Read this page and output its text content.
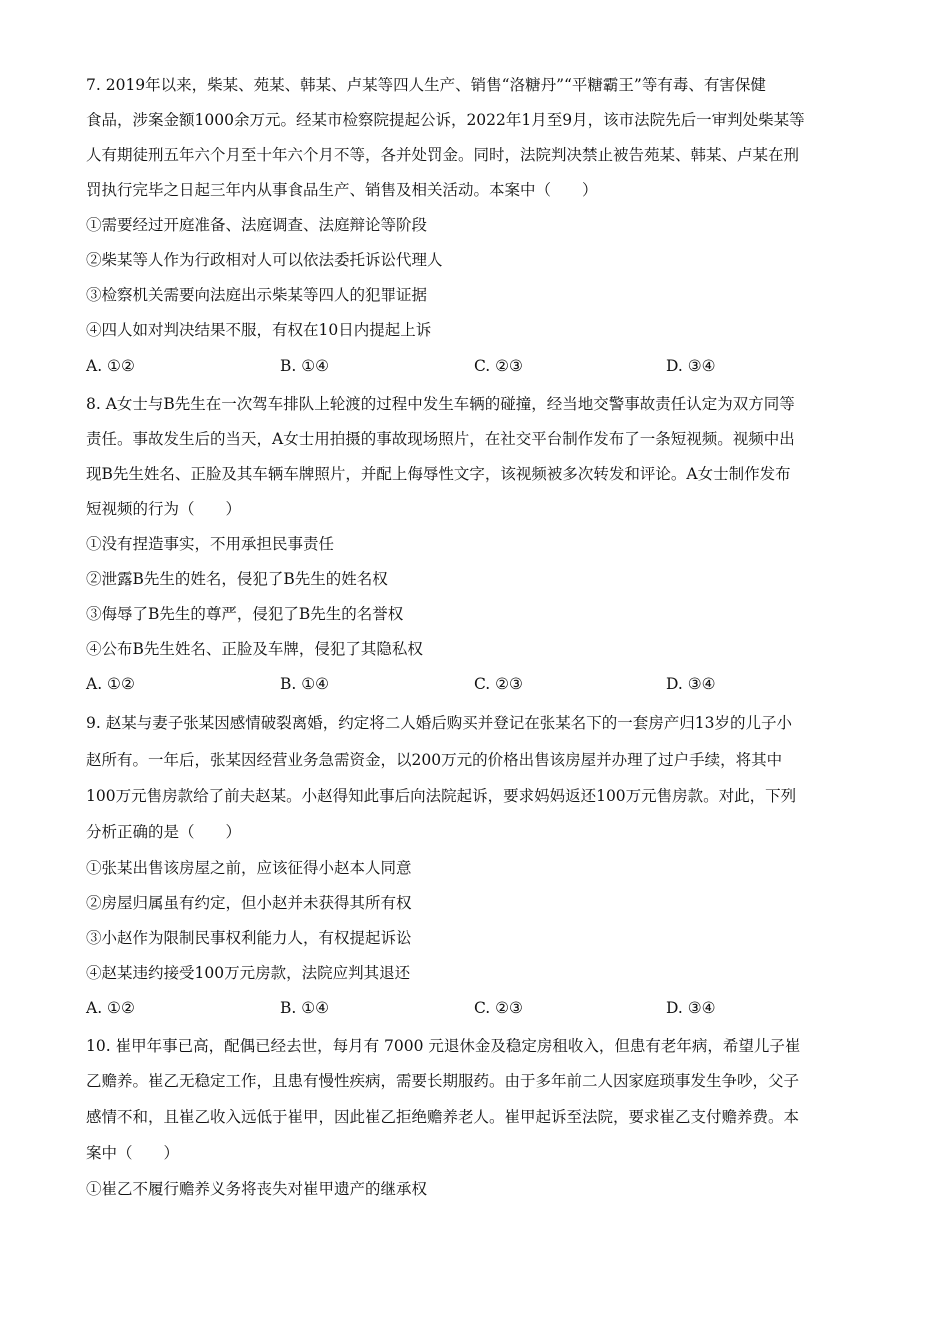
7. 2019年以来，柴某、苑某、韩某、卢某等四人生产、销售“洛糖丹”“平糖霸王”等有毒、有害保健
食品，涉案金额1000余万元。经某市检察院提起公诉，2022年1月至9月，该市法院先后一审判处柴某等
人有期徒刑五年六个月至十年六个月不等，各并处罚金。同时，法院判决禁止被告苑某、韩某、卢某在刑
罚执行完毕之日起三年内从事食品生产、销售及相关活动。本案中（　　）
①需要经过开庭准备、法庭调查、法庭辩论等阶段
②柴某等人作为行政相对人可以依法委托诉讼代理人
③检察机关需要向法庭出示柴某等四人的犯罪证据
④四人如对判决结果不服，有权在10日内提起上诉
A. ①②	B. ①④	C. ②③	D. ③④
8. A女士与B先生在一次驾车排队上轮渡的过程中发生车辆的碰撞，经当地交警事故责任认定为双方同等
责任。事故发生后的当天，A女士用拍摄的事故现场照片，在社交平台制作发布了一条短视频。视频中出
现B先生姓名、正脸及其车辆车牌照片，并配上侮辱性文字，该视频被多次转发和评论。A女士制作发布
短视频的行为（　　）
①没有捏造事实，不用承担民事责任
②泄露B先生的姓名，侵犯了B先生的姓名权
③侮辱了B先生的尊严，侵犯了B先生的名誉权
④公布B先生姓名、正脸及车牌，侵犯了其隐私权
A. ①②	B. ①④	C. ②③	D. ③④
9. 赵某与妻子张某因感情破裂离婚，约定将二人婚后购买并登记在张某名下的一套房产归13岁的儿子小
赵所有。一年后，张某因经营业务急需资金，以200万元的价格出售该房屋并办理了过户手续，将其中
100万元售房款给了前夫赵某。小赵得知此事后向法院起诉，要求妈妈返还100万元售房款。对此，下列
分析正确的是（　　）
①张某出售该房屋之前，应该征得小赵本人同意
②房屋归属虽有约定，但小赵并未获得其所有权
③小赵作为限制民事权利能力人，有权提起诉讼
④赵某违约接受100万元房款，法院应判其退还
A. ①②	B. ①④	C. ②③	D. ③④
10. 崔甲年事已高，配偶已经去世，每月有 7000 元退休金及稳定房租收入，但患有老年病，希望儿子崔
乙赡养。崔乙无稳定工作，且患有慢性疾病，需要长期服药。由于多年前二人因家庭琐事发生争吵，父子
感情不和，且崔乙收入远低于崔甲，因此崔乙拒绝赡养老人。崔甲起诉至法院，要求崔乙支付赡养费。本
案中（　　）
①崔乙不履行赡养义务将丧失对崔甲遗产的继承权
